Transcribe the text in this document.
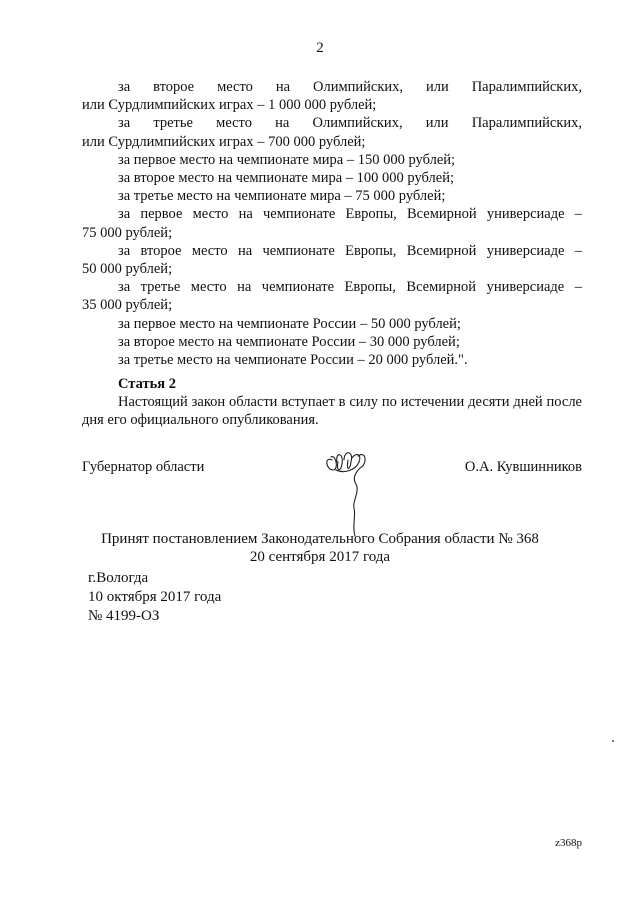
2
за второе место на Олимпийских, или Паралимпийских,
или Сурдлимпийских играх – 1 000 000 рублей;
за третье место на Олимпийских, или Паралимпийских,
или Сурдлимпийских играх – 700 000 рублей;
за первое место на чемпионате мира – 150 000 рублей;
за второе место на чемпионате мира – 100 000 рублей;
за третье место на чемпионате мира – 75 000 рублей;
за первое место на чемпионате Европы, Всемирной универсиаде –
75 000 рублей;
за второе место на чемпионате Европы, Всемирной универсиаде –
50 000 рублей;
за третье место на чемпионате Европы, Всемирной универсиаде –
35 000 рублей;
за первое место на чемпионате России – 50 000 рублей;
за второе место на чемпионате России – 30 000 рублей;
за третье место на чемпионате России – 20 000 рублей.".
Статья 2
Настоящий закон области вступает в силу по истечении десяти дней после дня его официального опубликования.
Губернатор области	О.А. Кувшинников
Принят постановлением Законодательного Собрания области № 368
20 сентября 2017 года
г.Вологда
10 октября 2017 года
№ 4199-ОЗ
z368p
